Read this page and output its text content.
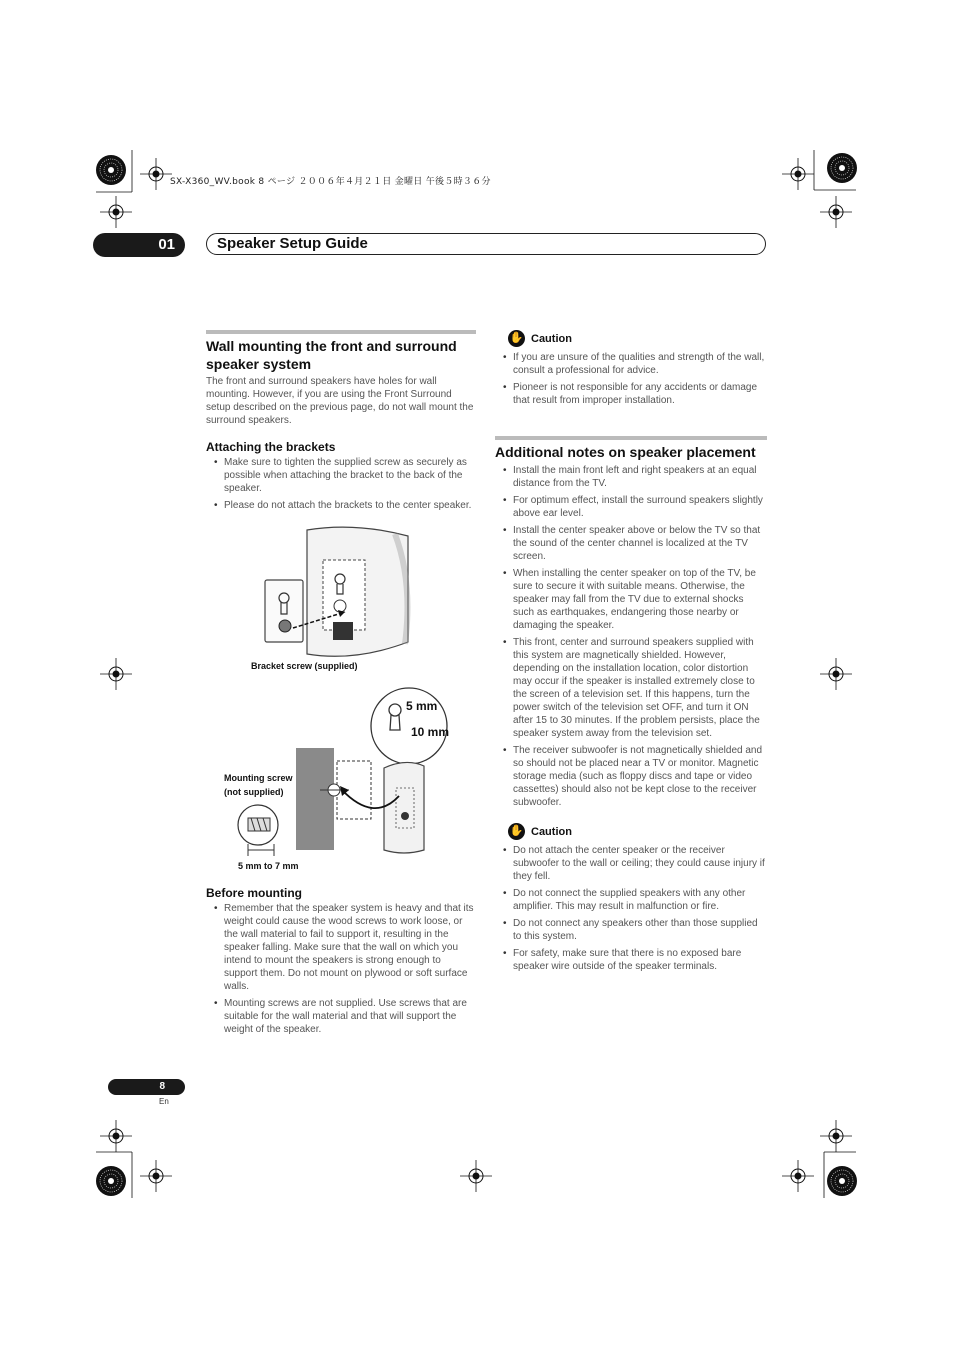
SX-X360_WV.book 8 ページ ２００６年４月２１日 金曜日 午後５時３６分
01	Speaker Setup Guide
Wall mounting the front and surround speaker system
The front and surround speakers have holes for wall mounting. However, if you are using the Front Surround setup described on the previous page, do not wall mount the surround speakers.
Attaching the brackets
• Make sure to tighten the supplied screw as securely as possible when attaching the bracket to the back of the speaker.
• Please do not attach the brackets to the center speaker.
Bracket screw (supplied)
5 mm
10 mm
Mounting screw
(not supplied)
5 mm to 7 mm
Before mounting
• Remember that the speaker system is heavy and that its weight could cause the wood screws to work loose, or the wall material to fail to support it, resulting in the speaker falling. Make sure that the wall on which you intend to mount the speakers is strong enough to support them. Do not mount on plywood or soft surface walls.
• Mounting screws are not supplied. Use screws that are suitable for the wall material and that will support the weight of the speaker.
✋ Caution
• If you are unsure of the qualities and strength of the wall, consult a professional for advice.
• Pioneer is not responsible for any accidents or damage that result from improper installation.
Additional notes on speaker placement
• Install the main front left and right speakers at an equal distance from the TV.
• For optimum effect, install the surround speakers slightly above ear level.
• Install the center speaker above or below the TV so that the sound of the center channel is localized at the TV screen.
• When installing the center speaker on top of the TV, be sure to secure it with suitable means. Otherwise, the speaker may fall from the TV due to external shocks such as earthquakes, endangering those nearby or damaging the speaker.
• This front, center and surround speakers supplied with this system are magnetically shielded. However, depending on the installation location, color distortion may occur if the speaker is installed extremely close to the screen of a television set. If this happens, turn the power switch of the television set OFF, and turn it ON after 15 to 30 minutes. If the problem persists, place the speaker system away from the television set.
• The receiver subwoofer is not magnetically shielded and so should not be placed near a TV or monitor. Magnetic storage media (such as floppy discs and tape or video cassettes) should also not be kept close to the receiver subwoofer.
✋ Caution
• Do not attach the center speaker or the receiver subwoofer to the wall or ceiling; they could cause injury if they fell.
• Do not connect the supplied speakers with any other amplifier. This may result in malfunction or fire.
• Do not connect any speakers other than those supplied to this system.
• For safety, make sure that there is no exposed bare speaker wire outside of the speaker terminals.
8
En
